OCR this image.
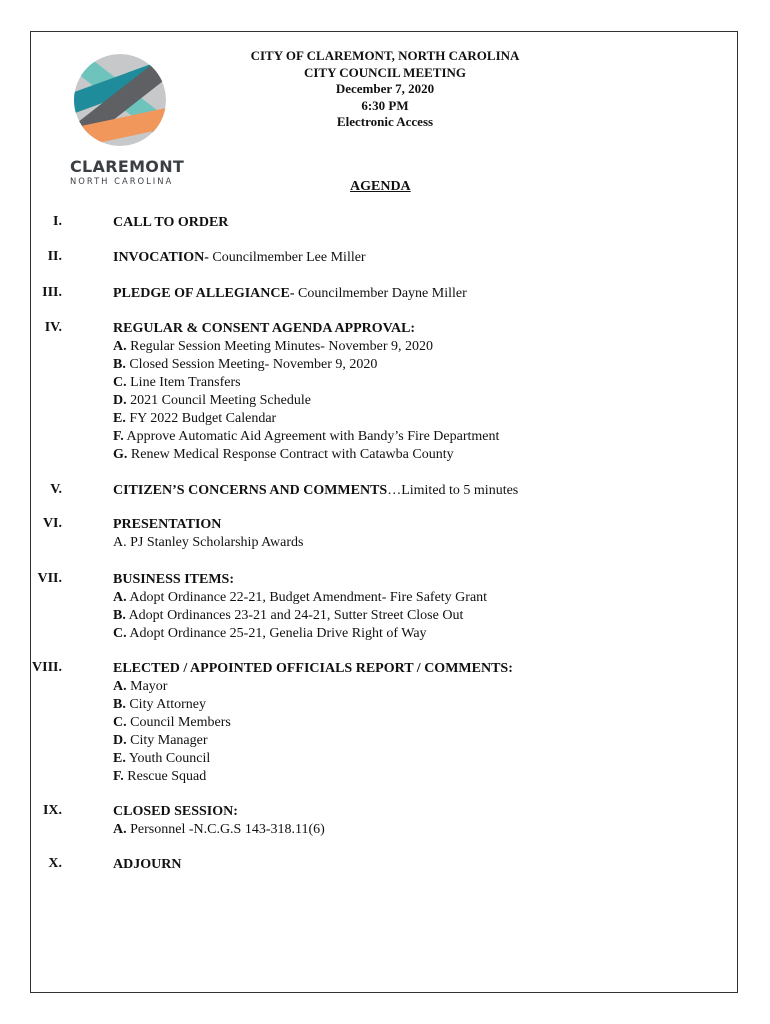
CLAREMONT
NORTH CAROLINA
CITY OF CLAREMONT, NORTH CAROLINA
CITY COUNCIL MEETING
December 7, 2020
6:30 PM
Electronic Access
AGENDA
I.	CALL TO ORDER
II.	INVOCATION- Councilmember Lee Miller
III.	PLEDGE OF ALLEGIANCE- Councilmember Dayne Miller
IV.	REGULAR & CONSENT AGENDA APPROVAL:
A. Regular Session Meeting Minutes- November 9, 2020
B. Closed Session Meeting- November 9, 2020
C. Line Item Transfers
D. 2021 Council Meeting Schedule
E. FY 2022 Budget Calendar
F. Approve Automatic Aid Agreement with Bandy’s Fire Department
G. Renew Medical Response Contract with Catawba County
V.	CITIZEN’S CONCERNS AND COMMENTS…Limited to 5 minutes
VI.	PRESENTATION
A. PJ Stanley Scholarship Awards
VII.	BUSINESS ITEMS:
A. Adopt Ordinance 22-21, Budget Amendment- Fire Safety Grant
B. Adopt Ordinances 23-21 and 24-21, Sutter Street Close Out
C. Adopt Ordinance 25-21, Genelia Drive Right of Way
VIII.	ELECTED / APPOINTED OFFICIALS REPORT / COMMENTS:
A. Mayor
B. City Attorney
C. Council Members
D. City Manager
E. Youth Council
F. Rescue Squad
IX.	CLOSED SESSION:
A. Personnel -N.C.G.S 143-318.11(6)
X.	ADJOURN
